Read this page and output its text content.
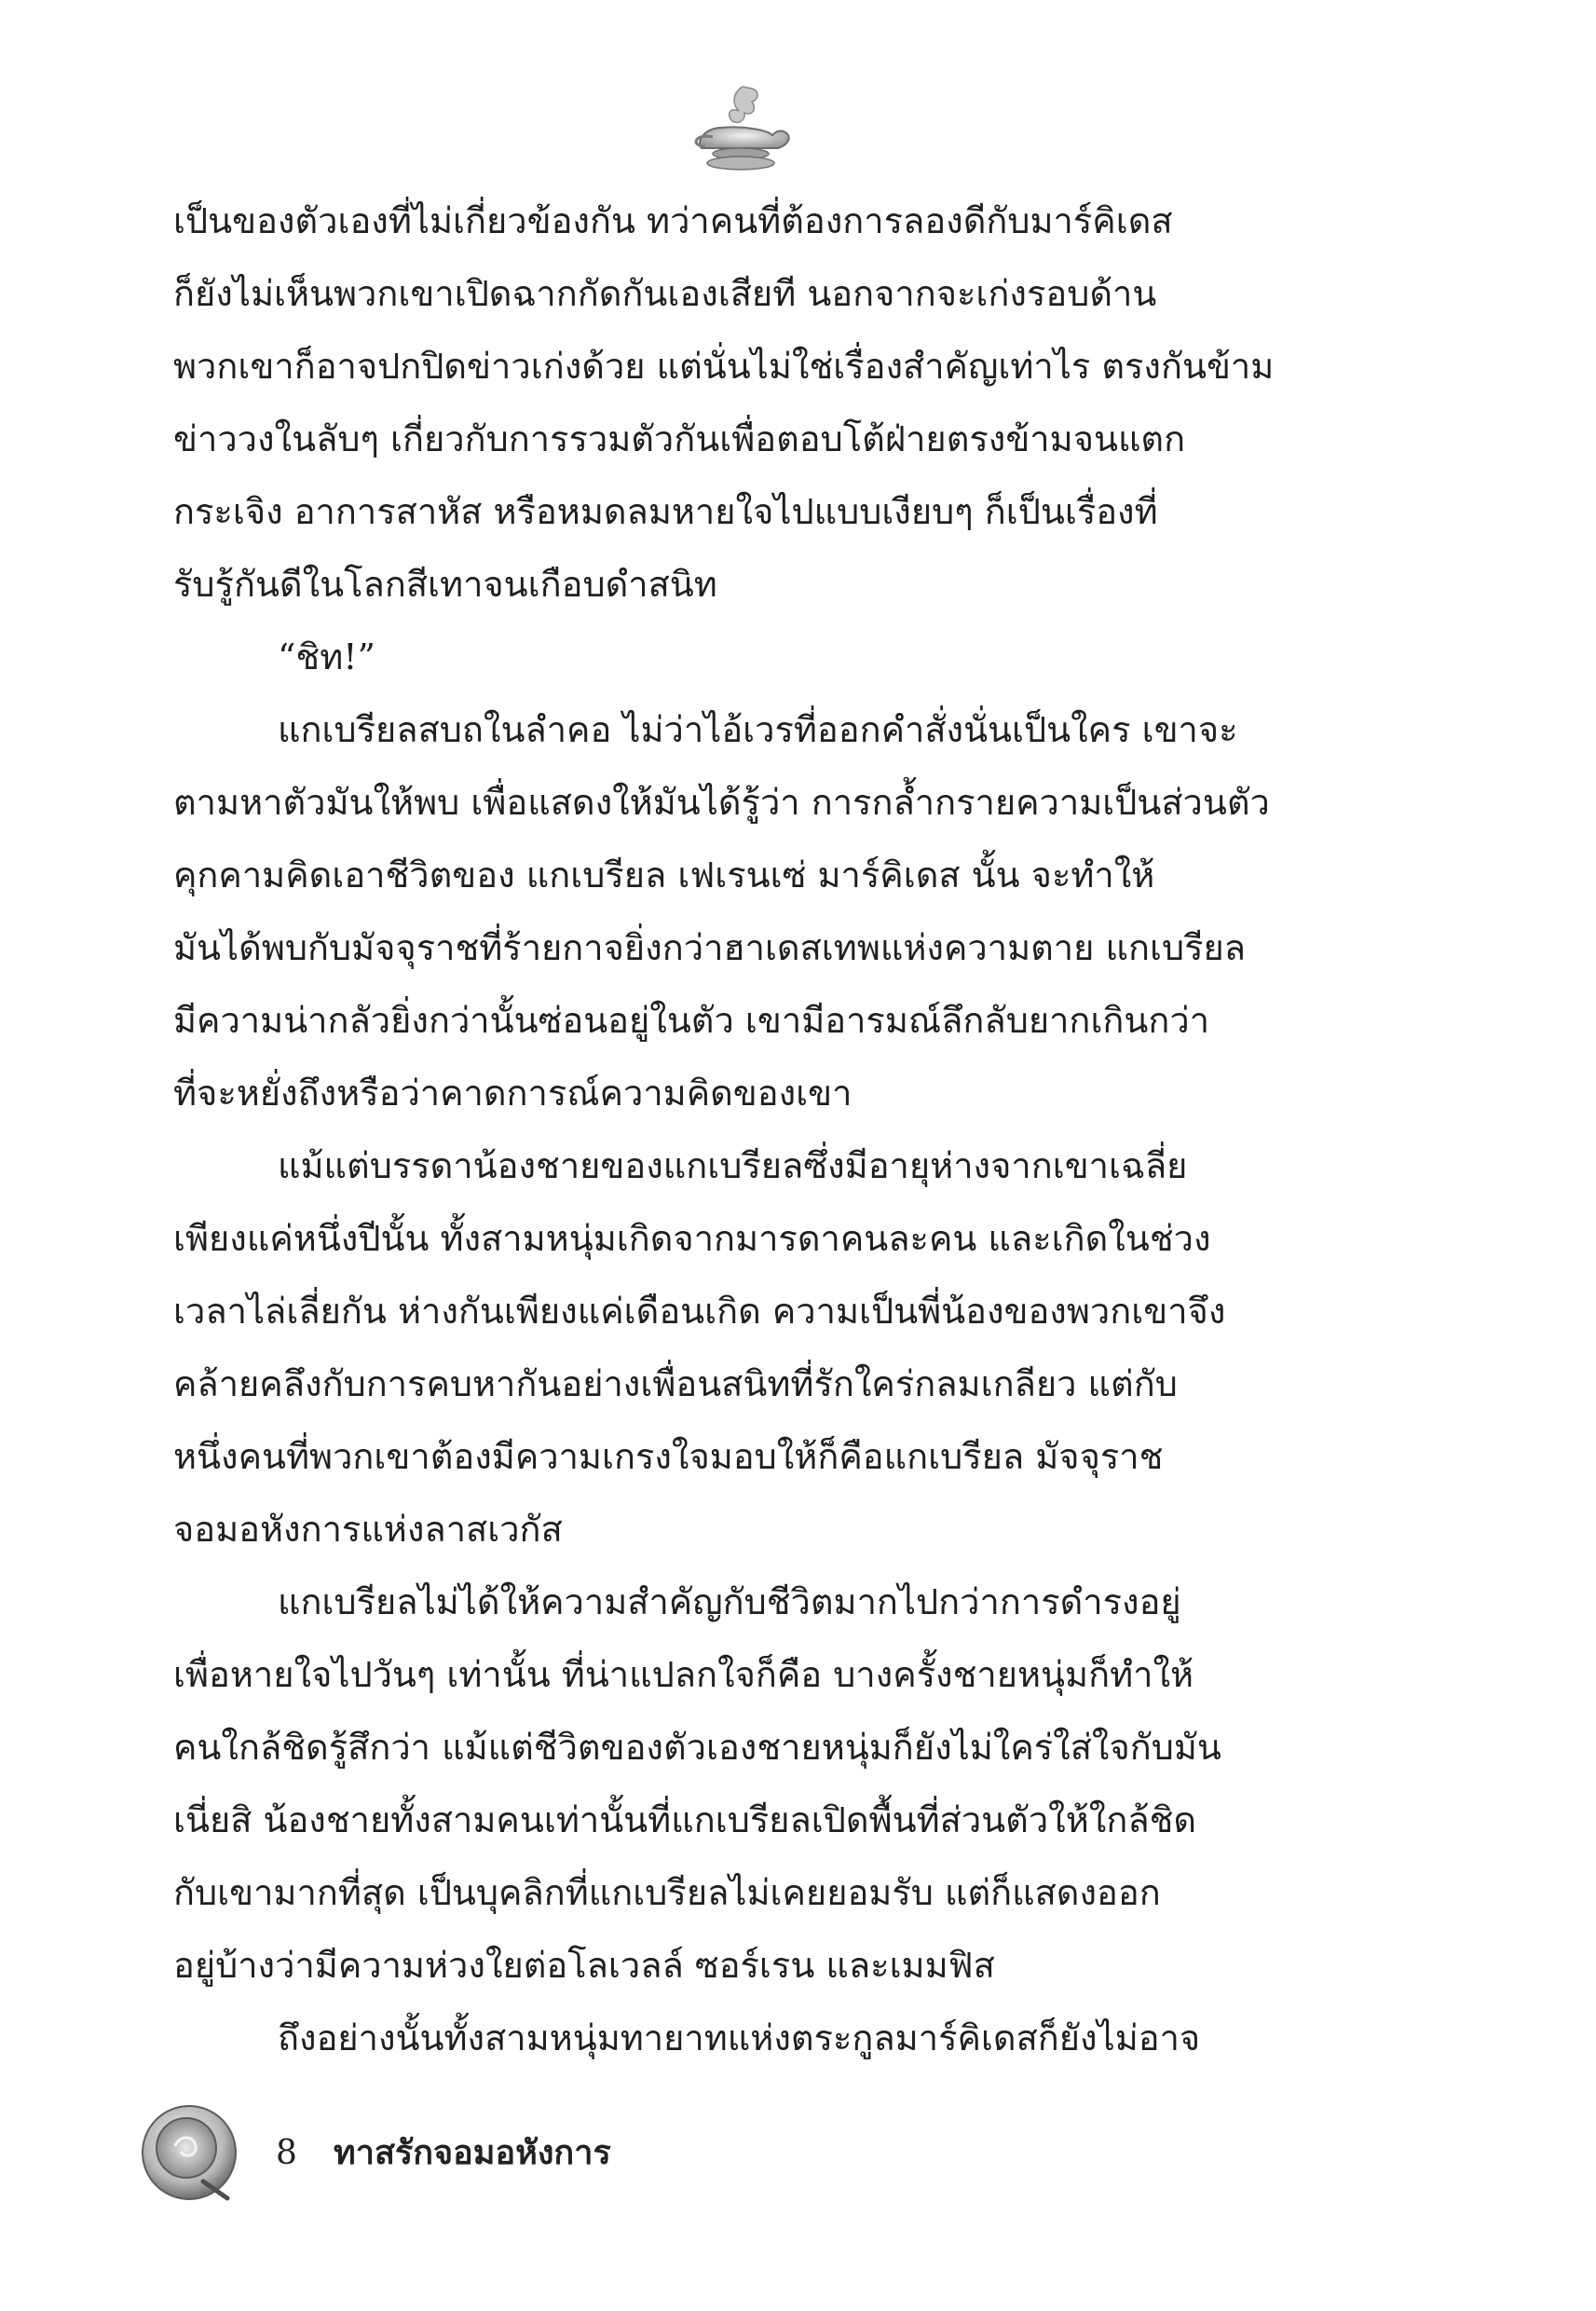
เป็นของตัวเองที่ไม่เกี่ยวข้องกัน ทว่าคนที่ต้องการลองดีกับมาร์คิเดส
ก็ยังไม่เห็นพวกเขาเปิดฉากกัดกันเองเสียที นอกจากจะเก่งรอบด้าน
พวกเขาก็อาจปกปิดข่าวเก่งด้วย แต่นั่นไม่ใช่เรื่องสำคัญเท่าไร ตรงกันข้าม
ข่าววงในลับๆ เกี่ยวกับการรวมตัวกันเพื่อตอบโต้ฝ่ายตรงข้ามจนแตก
กระเจิง อาการสาหัส หรือหมดลมหายใจไปแบบเงียบๆ ก็เป็นเรื่องที่
รับรู้กันดีในโลกสีเทาจนเกือบดำสนิท
“ชิท!”
แกเบรียลสบถในลำคอ ไม่ว่าไอ้เวรที่ออกคำสั่งนั่นเป็นใคร เขาจะ
ตามหาตัวมันให้พบ เพื่อแสดงให้มันได้รู้ว่า การกล้ำกรายความเป็นส่วนตัว
คุกคามคิดเอาชีวิตของ แกเบรียล เฟเรนเซ่ มาร์คิเดส นั้น จะทำให้
มันได้พบกับมัจจุราชที่ร้ายกาจยิ่งกว่าฮาเดสเทพแห่งความตาย แกเบรียล
มีความน่ากลัวยิ่งกว่านั้นซ่อนอยู่ในตัว เขามีอารมณ์ลึกลับยากเกินกว่า
ที่จะหยั่งถึงหรือว่าคาดการณ์ความคิดของเขา
แม้แต่บรรดาน้องชายของแกเบรียลซึ่งมีอายุห่างจากเขาเฉลี่ย
เพียงแค่หนึ่งปีนั้น ทั้งสามหนุ่มเกิดจากมารดาคนละคน และเกิดในช่วง
เวลาไล่เลี่ยกัน ห่างกันเพียงแค่เดือนเกิด ความเป็นพี่น้องของพวกเขาจึง
คล้ายคลึงกับการคบหากันอย่างเพื่อนสนิทที่รักใคร่กลมเกลียว แต่กับ
หนึ่งคนที่พวกเขาต้องมีความเกรงใจมอบให้ก็คือแกเบรียล มัจจุราช
จอมอหังการแห่งลาสเวกัส
แกเบรียลไม่ได้ให้ความสำคัญกับชีวิตมากไปกว่าการดำรงอยู่
เพื่อหายใจไปวันๆ เท่านั้น ที่น่าแปลกใจก็คือ บางครั้งชายหนุ่มก็ทำให้
คนใกล้ชิดรู้สึกว่า แม้แต่ชีวิตของตัวเองชายหนุ่มก็ยังไม่ใคร่ใส่ใจกับมัน
เนี่ยสิ น้องชายทั้งสามคนเท่านั้นที่แกเบรียลเปิดพื้นที่ส่วนตัวให้ใกล้ชิด
กับเขามากที่สุด เป็นบุคลิกที่แกเบรียลไม่เคยยอมรับ แต่ก็แสดงออก
อยู่บ้างว่ามีความห่วงใยต่อโลเวลล์ ซอร์เรน และเมมฟิส
ถึงอย่างนั้นทั้งสามหนุ่มทายาทแห่งตระกูลมาร์คิเดสก็ยังไม่อาจ
8 ทาสรักจอมอหังการ
